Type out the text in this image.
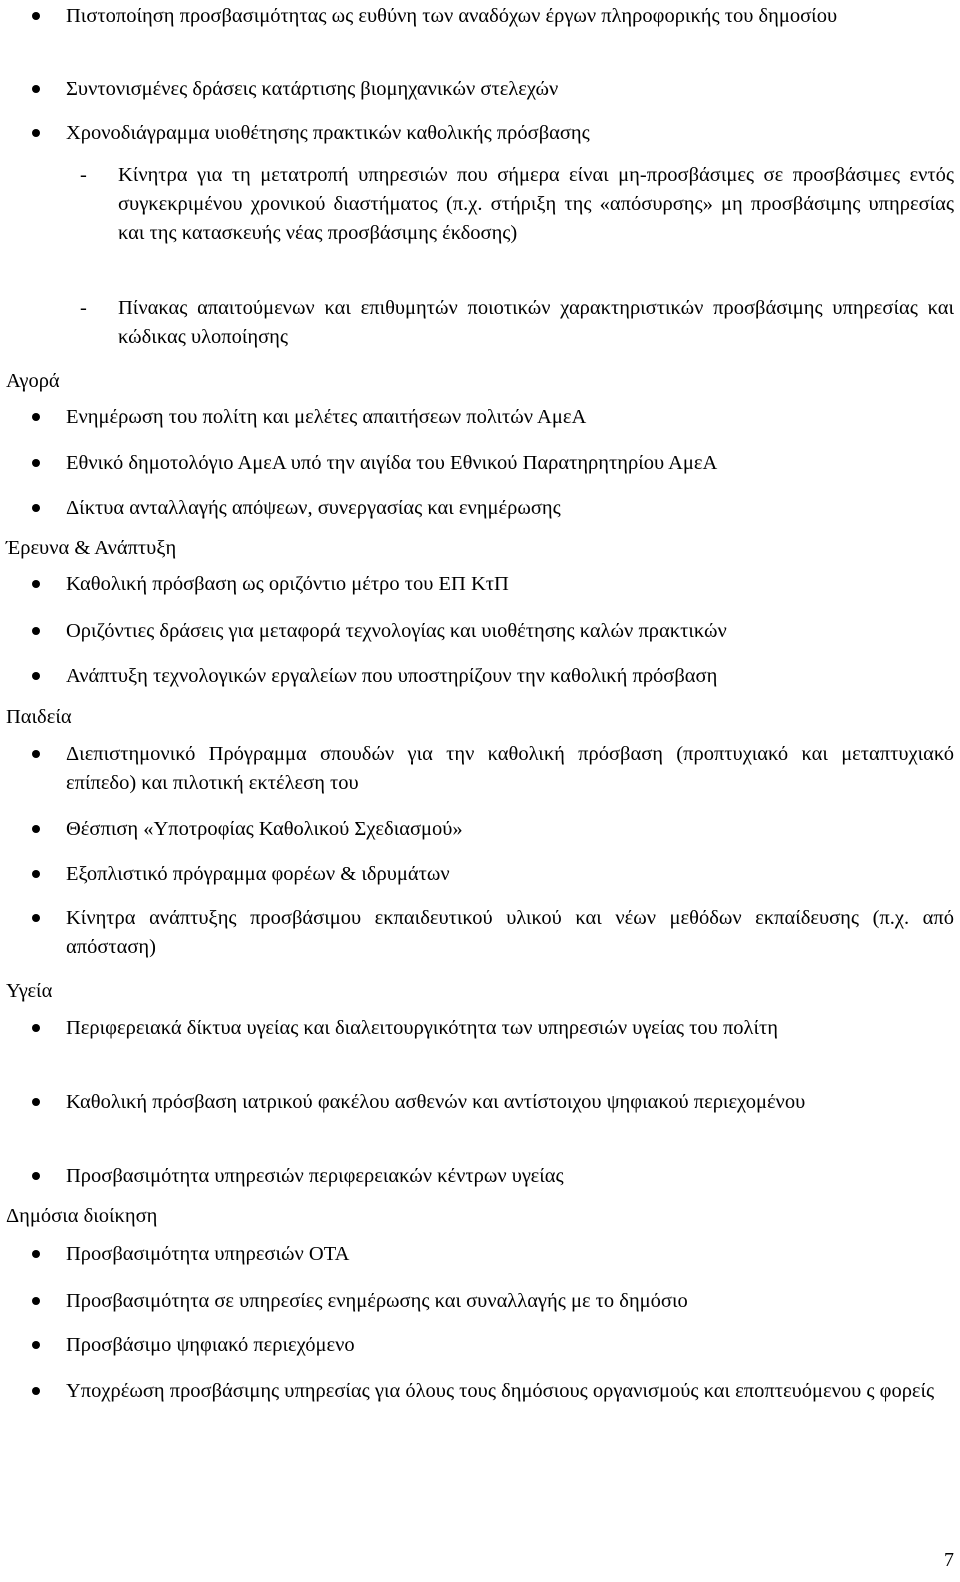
Πιστοποίηση προσβασιμότητας ως ευθύνη των αναδόχων έργων πληροφορικής του δημοσίου
Συντονισμένες δράσεις κατάρτισης βιομηχανικών στελεχών
Χρονοδιάγραμμα υιοθέτησης πρακτικών καθολικής πρόσβασης
- Κίνητρα για τη μετατροπή υπηρεσιών που σήμερα είναι μη-προσβάσιμες σε προσβάσιμες εντός συγκεκριμένου χρονικού διαστήματος (π.χ. στήριξη της «απόσυρσης» μη προσβάσιμης υπηρεσίας και της κατασκευής νέας προσβάσιμης έκδοσης)
- Πίνακας απαιτούμενων και επιθυμητών ποιοτικών χαρακτηριστικών προσβάσιμης υπηρεσίας και κώδικας υλοποίησης
Αγορά
Ενημέρωση του πολίτη και μελέτες απαιτήσεων πολιτών ΑμεΑ
Εθνικό δημοτολόγιο ΑμεΑ υπό την αιγίδα του Εθνικού Παρατηρητηρίου ΑμεΑ
Δίκτυα ανταλλαγής απόψεων, συνεργασίας και ενημέρωσης
Έρευνα & Ανάπτυξη
Καθολική πρόσβαση ως οριζόντιο μέτρο του ΕΠ ΚτΠ
Οριζόντιες δράσεις για μεταφορά τεχνολογίας και υιοθέτησης καλών πρακτικών
Ανάπτυξη τεχνολογικών εργαλείων που υποστηρίζουν την καθολική πρόσβαση
Παιδεία
Διεπιστημονικό Πρόγραμμα σπουδών για την καθολική πρόσβαση (προπτυχιακό και μεταπτυχιακό επίπεδο) και πιλοτική εκτέλεση του
Θέσπιση «Υποτροφίας Καθολικού Σχεδιασμού»
Εξοπλιστικό πρόγραμμα φορέων & ιδρυμάτων
Κίνητρα ανάπτυξης προσβάσιμου εκπαιδευτικού υλικού και νέων μεθόδων εκπαίδευσης (π.χ. από απόσταση)
Υγεία
Περιφερειακά δίκτυα υγείας και διαλειτουργικότητα των υπηρεσιών υγείας του πολίτη
Καθολική πρόσβαση ιατρικού φακέλου ασθενών και αντίστοιχου ψηφιακού περιεχομένου
Προσβασιμότητα υπηρεσιών περιφερειακών κέντρων υγείας
Δημόσια διοίκηση
Προσβασιμότητα υπηρεσιών ΟΤΑ
Προσβασιμότητα σε υπηρεσίες ενημέρωσης και συναλλαγής με το δημόσιο
Προσβάσιμο ψηφιακό περιεχόμενο
Υποχρέωση προσβάσιμης υπηρεσίας για όλους τους δημόσιους οργανισμούς και εποπτευόμενου ς φορείς
7
